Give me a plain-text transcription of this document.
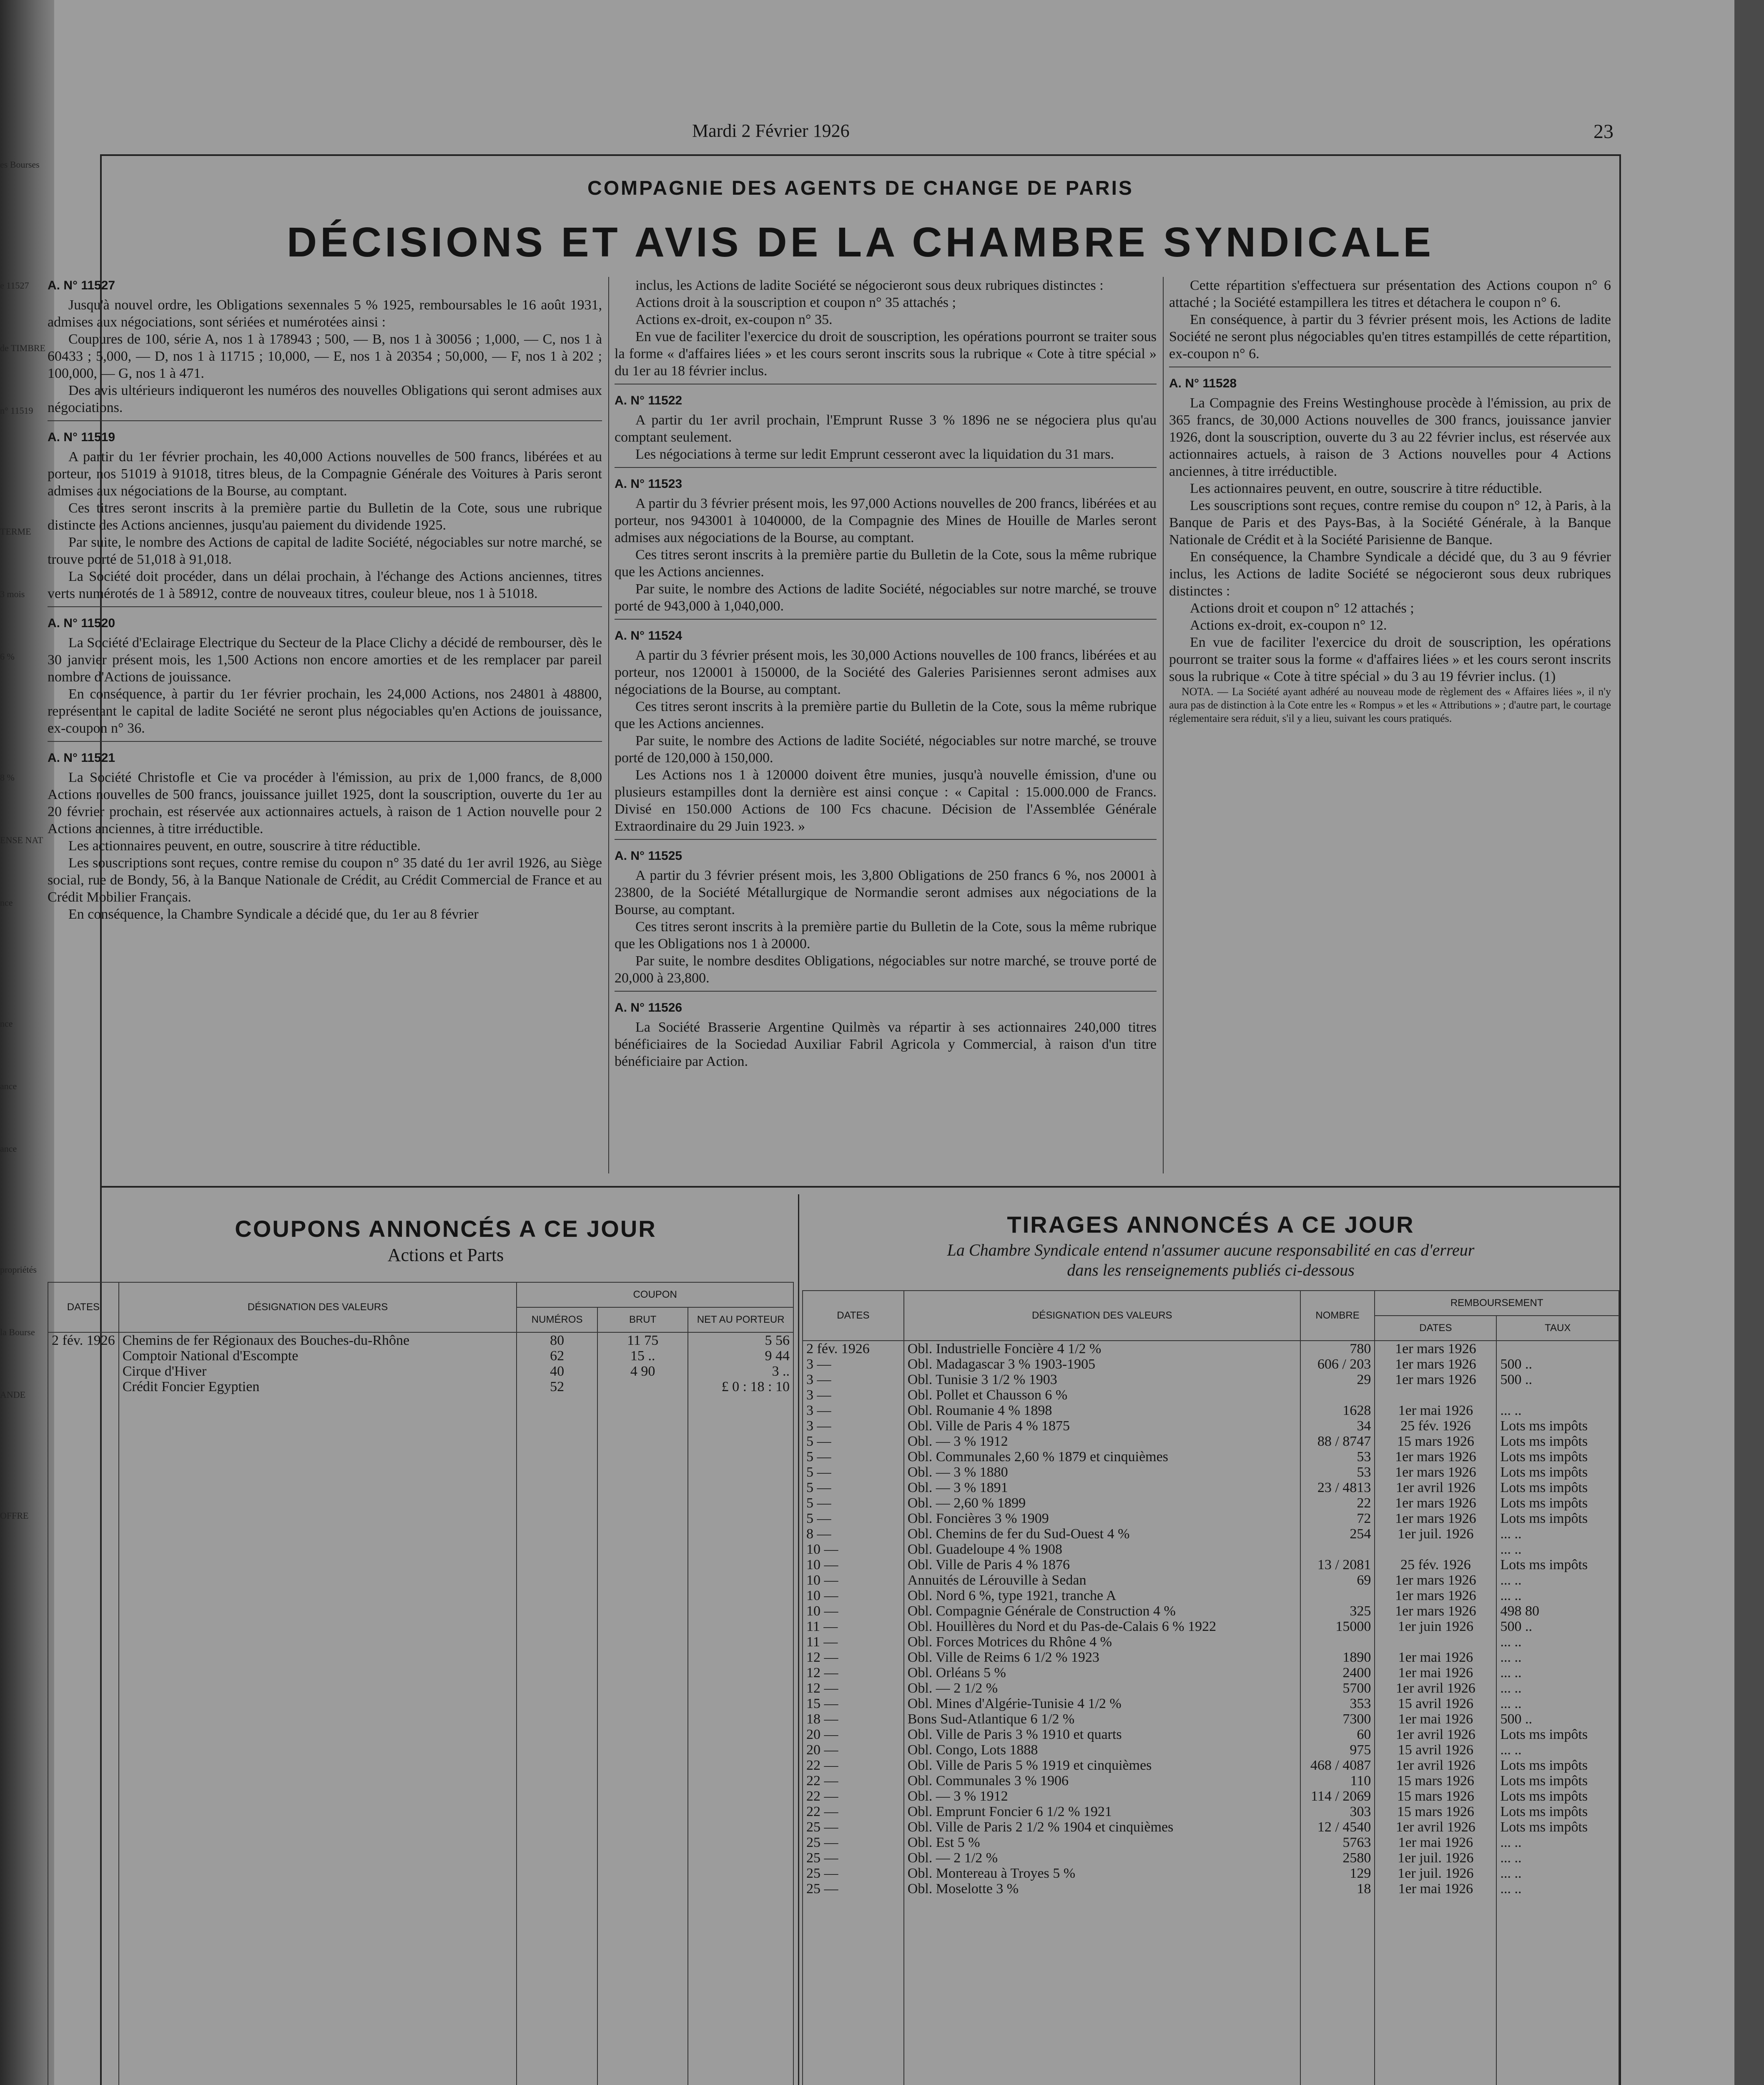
es Bourses
e 11527
de TIMBRE
n° 11519
TERME
3 mois
6 %
8 %
ENSE NAT
nce
nce
ance
ance
propriétés
la Bourse
ANDE
OFFRE
Mardi 2 Février 1926	23
COMPAGNIE DES AGENTS DE CHANGE DE PARIS
DÉCISIONS ET AVIS DE LA CHAMBRE SYNDICALE
A. N° 11527

Jusqu'à nouvel ordre, les Obligations sexennales 5 % 1925, remboursables le 16 août 1931, admises aux négociations, sont sériées et numérotées ainsi :

Coupures de 100, série A, nos 1 à 178943 ; 500, — B, nos 1 à 30056 ; 1,000, — C, nos 1 à 60433 ; 5,000, — D, nos 1 à 11715 ; 10,000, — E, nos 1 à 20354 ; 50,000, — F, nos 1 à 202 ; 100,000, — G, nos 1 à 471.

Des avis ultérieurs indiqueront les numéros des nouvelles Obligations qui seront admises aux négociations.

A. N° 11519

A partir du 1er février prochain, les 40,000 Actions nouvelles de 500 francs, libérées et au porteur, nos 51019 à 91018, titres bleus, de la Compagnie Générale des Voitures à Paris seront admises aux négociations de la Bourse, au comptant.

Ces titres seront inscrits à la première partie du Bulletin de la Cote, sous une rubrique distincte des Actions anciennes, jusqu'au paiement du dividende 1925.

Par suite, le nombre des Actions de capital de ladite Société, négociables sur notre marché, se trouve porté de 51,018 à 91,018.

La Société doit procéder, dans un délai prochain, à l'échange des Actions anciennes, titres verts numérotés de 1 à 58912, contre de nouveaux titres, couleur bleue, nos 1 à 51018.

A. N° 11520

La Société d'Eclairage Electrique du Secteur de la Place Clichy a décidé de rembourser, dès le 30 janvier présent mois, les 1,500 Actions non encore amorties et de les remplacer par pareil nombre d'Actions de jouissance.

En conséquence, à partir du 1er février prochain, les 24,000 Actions, nos 24801 à 48800, représentant le capital de ladite Société ne seront plus négociables qu'en Actions de jouissance, ex-coupon n° 36.

A. N° 11521

La Société Christofle et Cie va procéder à l'émission, au prix de 1,000 francs, de 8,000 Actions nouvelles de 500 francs, jouissance juillet 1925, dont la souscription, ouverte du 1er au 20 février prochain, est réservée aux actionnaires actuels, à raison de 1 Action nouvelle pour 2 Actions anciennes, à titre irréductible.

Les actionnaires peuvent, en outre, souscrire à titre réductible.

Les souscriptions sont reçues, contre remise du coupon n° 35 daté du 1er avril 1926, au Siège social, rue de Bondy, 56, à la Banque Nationale de Crédit, au Crédit Commercial de France et au Crédit Mobilier Français.

En conséquence, la Chambre Syndicale a décidé que, du 1er au 8 février

inclus, les Actions de ladite Société se négocieront sous deux rubriques distinctes :

Actions droit à la souscription et coupon n° 35 attachés ;

Actions ex-droit, ex-coupon n° 35.

En vue de faciliter l'exercice du droit de souscription, les opérations pourront se traiter sous la forme « d'affaires liées » et les cours seront inscrits sous la rubrique « Cote à titre spécial » du 1er au 18 février inclus.

A. N° 11522

A partir du 1er avril prochain, l'Emprunt Russe 3 % 1896 ne se négociera plus qu'au comptant seulement.

Les négociations à terme sur ledit Emprunt cesseront avec la liquidation du 31 mars.

A. N° 11523

A partir du 3 février présent mois, les 97,000 Actions nouvelles de 200 francs, libérées et au porteur, nos 943001 à 1040000, de la Compagnie des Mines de Houille de Marles seront admises aux négociations de la Bourse, au comptant.

Ces titres seront inscrits à la première partie du Bulletin de la Cote, sous la même rubrique que les Actions anciennes.

Par suite, le nombre des Actions de ladite Société, négociables sur notre marché, se trouve porté de 943,000 à 1,040,000.

A. N° 11524

A partir du 3 février présent mois, les 30,000 Actions nouvelles de 100 francs, libérées et au porteur, nos 120001 à 150000, de la Société des Galeries Parisiennes seront admises aux négociations de la Bourse, au comptant.

Ces titres seront inscrits à la première partie du Bulletin de la Cote, sous la même rubrique que les Actions anciennes.

Par suite, le nombre des Actions de ladite Société, négociables sur notre marché, se trouve porté de 120,000 à 150,000.

Les Actions nos 1 à 120000 doivent être munies, jusqu'à nouvelle émission, d'une ou plusieurs estampilles dont la dernière est ainsi conçue : « Capital : 15.000.000 de Francs. Divisé en 150.000 Actions de 100 Fcs chacune. Décision de l'Assemblée Générale Extraordinaire du 29 Juin 1923. »

A. N° 11525

A partir du 3 février présent mois, les 3,800 Obligations de 250 francs 6 %, nos 20001 à 23800, de la Société Métallurgique de Normandie seront admises aux négociations de la Bourse, au comptant.

Ces titres seront inscrits à la première partie du Bulletin de la Cote, sous la même rubrique que les Obligations nos 1 à 20000.

Par suite, le nombre desdites Obligations, négociables sur notre marché, se trouve porté de 20,000 à 23,800.

A. N° 11526

La Société Brasserie Argentine Quilmès va répartir à ses actionnaires 240,000 titres bénéficiaires de la Sociedad Auxiliar Fabril Agricola y Commercial, à raison d'un titre bénéficiaire par Action.

Cette répartition s'effectuera sur présentation des Actions coupon n° 6 attaché ; la Société estampillera les titres et détachera le coupon n° 6.

En conséquence, à partir du 3 février présent mois, les Actions de ladite Société ne seront plus négociables qu'en titres estampillés de cette répartition, ex-coupon n° 6.

A. N° 11528

La Compagnie des Freins Westinghouse procède à l'émission, au prix de 365 francs, de 30,000 Actions nouvelles de 300 francs, jouissance janvier 1926, dont la souscription, ouverte du 3 au 22 février inclus, est réservée aux actionnaires actuels, à raison de 3 Actions nouvelles pour 4 Actions anciennes, à titre irréductible.

Les actionnaires peuvent, en outre, souscrire à titre réductible.

Les souscriptions sont reçues, contre remise du coupon n° 12, à Paris, à la Banque de Paris et des Pays-Bas, à la Société Générale, à la Banque Nationale de Crédit et à la Société Parisienne de Banque.

En conséquence, la Chambre Syndicale a décidé que, du 3 au 9 février inclus, les Actions de ladite Société se négocieront sous deux rubriques distinctes :

Actions droit et coupon n° 12 attachés ;

Actions ex-droit, ex-coupon n° 12.

En vue de faciliter l'exercice du droit de souscription, les opérations pourront se traiter sous la forme « d'affaires liées » et les cours seront inscrits sous la rubrique « Cote à titre spécial » du 3 au 19 février inclus. (1)

NOTA. — La Société ayant adhéré au nouveau mode de règlement des « Affaires liées », il n'y aura pas de distinction à la Cote entre les « Rompus » et les « Attributions » ; d'autre part, le courtage réglementaire sera réduit, s'il y a lieu, suivant les cours pratiqués.

COUPONS ANNONCÉS A CE JOUR
Actions et Parts
DATES	DÉSIGNATION DES VALEURS	COUPON		
		NUMÉROS	BRUT	NET AU PORTEUR
2 fév. 1926	Chemins de fer Régionaux des Bouches-du-Rhône	80	11 75	5 56
	Comptoir National d'Escompte	62	15 ..	9 44
	Cirque d'Hiver	40	4 90	3 ..
	Crédit Foncier Egyptien	52		£ 0 : 18 : 10

TIRAGES ANNONCÉS A CE JOUR
La Chambre Syndicale entend n'assumer aucune responsabilité en cas d'erreur
dans les renseignements publiés ci-dessous
DATES	DÉSIGNATION DES VALEURS	NOMBRE	REMBOURSEMENT	
			DATES	TAUX
2 fév. 1926	Obl. Industrielle Foncière 4 1/2 %	780	1er mars 1926	
3 —	Obl. Madagascar 3 % 1903-1905	606 / 203	1er mars 1926	500 ..
3 —	Obl. Tunisie 3 1/2 % 1903	29	1er mars 1926	500 ..
3 —	Obl. Pollet et Chausson 6 %			
3 —	Obl. Roumanie 4 % 1898	1628	1er mai 1926	... ..
3 —	Obl. Ville de Paris 4 % 1875	34	25 fév. 1926	Lots ms impôts
5 —	Obl. — 3 % 1912	88 / 8747	15 mars 1926	Lots ms impôts
5 —	Obl. Communales 2,60 % 1879 et cinquièmes	53	1er mars 1926	Lots ms impôts
5 —	Obl. — 3 % 1880	53	1er mars 1926	Lots ms impôts
5 —	Obl. — 3 % 1891	23 / 4813	1er avril 1926	Lots ms impôts
5 —	Obl. — 2,60 % 1899	22	1er mars 1926	Lots ms impôts
5 —	Obl. Foncières 3 % 1909	72	1er mars 1926	Lots ms impôts
8 —	Obl. Chemins de fer du Sud-Ouest 4 %	254	1er juil. 1926	... ..
10 —	Obl. Guadeloupe 4 % 1908			... ..
10 —	Obl. Ville de Paris 4 % 1876	13 / 2081	25 fév. 1926	Lots ms impôts
10 —	Annuités de Lérouville à Sedan	69	1er mars 1926	... ..
10 —	Obl. Nord 6 %, type 1921, tranche A		1er mars 1926	... ..
10 —	Obl. Compagnie Générale de Construction 4 %	325	1er mars 1926	498 80
11 —	Obl. Houillères du Nord et du Pas-de-Calais 6 % 1922	15000	1er juin 1926	500 ..
11 —	Obl. Forces Motrices du Rhône 4 %			... ..
12 —	Obl. Ville de Reims 6 1/2 % 1923	1890	1er mai 1926	... ..
12 —	Obl. Orléans 5 %	2400	1er mai 1926	... ..
12 —	Obl. — 2 1/2 %	5700	1er avril 1926	... ..
15 —	Obl. Mines d'Algérie-Tunisie 4 1/2 %	353	15 avril 1926	... ..
18 —	Bons Sud-Atlantique 6 1/2 %	7300	1er mai 1926	500 ..
20 —	Obl. Ville de Paris 3 % 1910 et quarts	60	1er avril 1926	Lots ms impôts
20 —	Obl. Congo, Lots 1888	975	15 avril 1926	... ..
22 —	Obl. Ville de Paris 5 % 1919 et cinquièmes	468 / 4087	1er avril 1926	Lots ms impôts
22 —	Obl. Communales 3 % 1906	110	15 mars 1926	Lots ms impôts
22 —	Obl. — 3 % 1912	114 / 2069	15 mars 1926	Lots ms impôts
22 —	Obl. Emprunt Foncier 6 1/2 % 1921	303	15 mars 1926	Lots ms impôts
25 —	Obl. Ville de Paris 2 1/2 % 1904 et cinquièmes	12 / 4540	1er avril 1926	Lots ms impôts
25 —	Obl. Est 5 %	5763	1er mai 1926	... ..
25 —	Obl. — 2 1/2 %	2580	1er juil. 1926	... ..
25 —	Obl. Montereau à Troyes 5 %	129	1er juil. 1926	... ..
25 —	Obl. Moselotte 3 %	18	1er mai 1926	... ..
